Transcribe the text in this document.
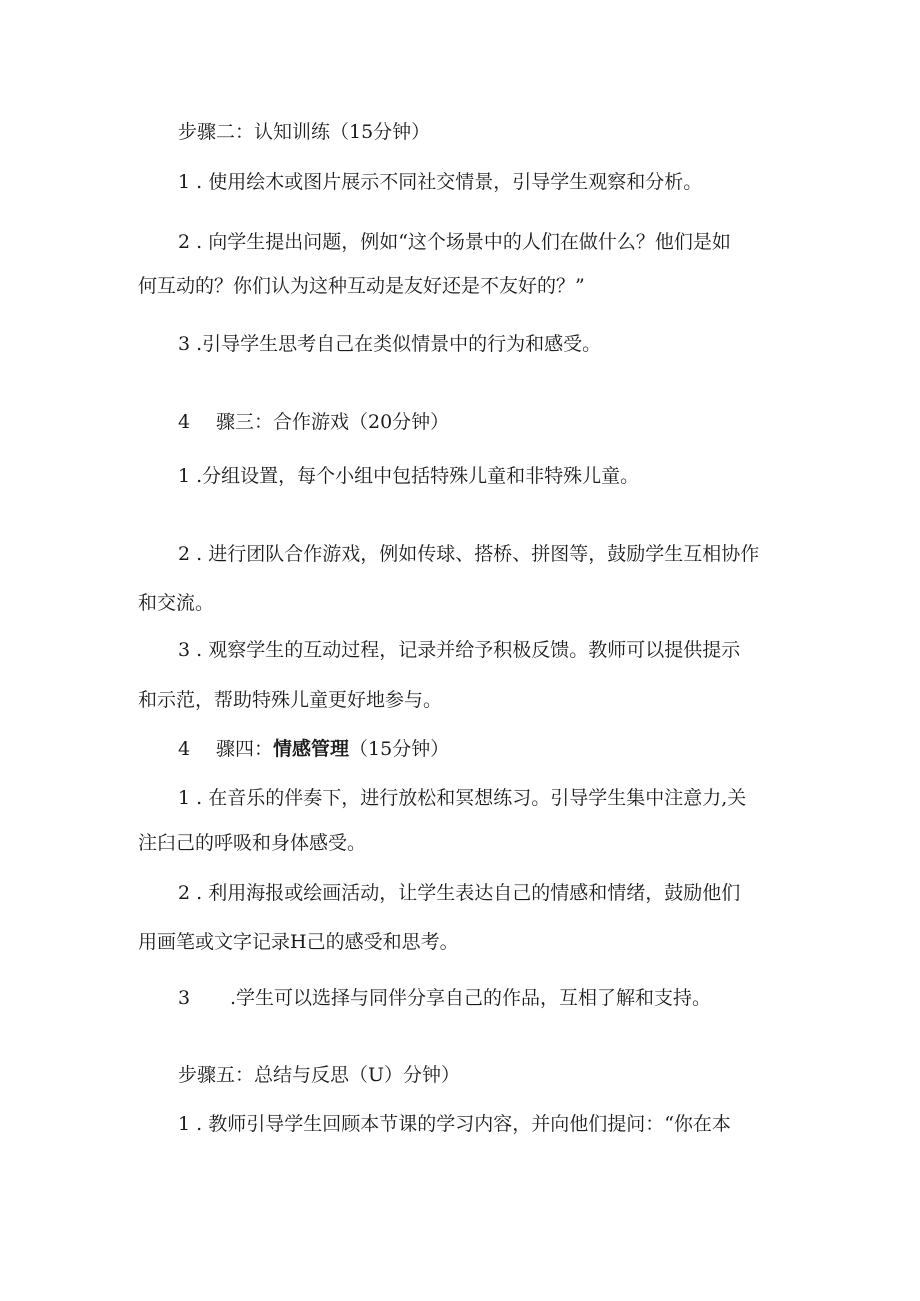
步骤二：认知训练（15分钟）
1 . 使用绘木或图片展示不同社交情景，引导学生观察和分析。
2 . 向学生提出问题，例如“这个场景中的人们在做什么？他们是如
何互动的？你们认为这种互动是友好还是不友好的？”
3 .引导学生思考自己在类似情景中的行为和感受。
4 骤三：合作游戏（20分钟）
1 .分组设置，每个小组中包括特殊儿童和非特殊儿童。
2 . 进行团队合作游戏，例如传球、搭桥、拼图等，鼓励学生互相协作
和交流。
3 . 观察学生的互动过程，记录并给予积极反馈。教师可以提供提示
和示范，帮助特殊儿童更好地参与。
4 骤四：情感管理（15分钟）
1 . 在音乐的伴奏下，进行放松和冥想练习。引导学生集中注意力,关
注臼己的呼吸和身体感受。
2 . 利用海报或绘画活动，让学生表达自己的情感和情绪，鼓励他们
用画笔或文字记录H己的感受和思考。
3 .学生可以选择与同伴分享自己的作品，互相了解和支持。
步骤五：总结与反思（U）分钟）
1 . 教师引导学生回顾本节课的学习内容，并向他们提问：“你在本
